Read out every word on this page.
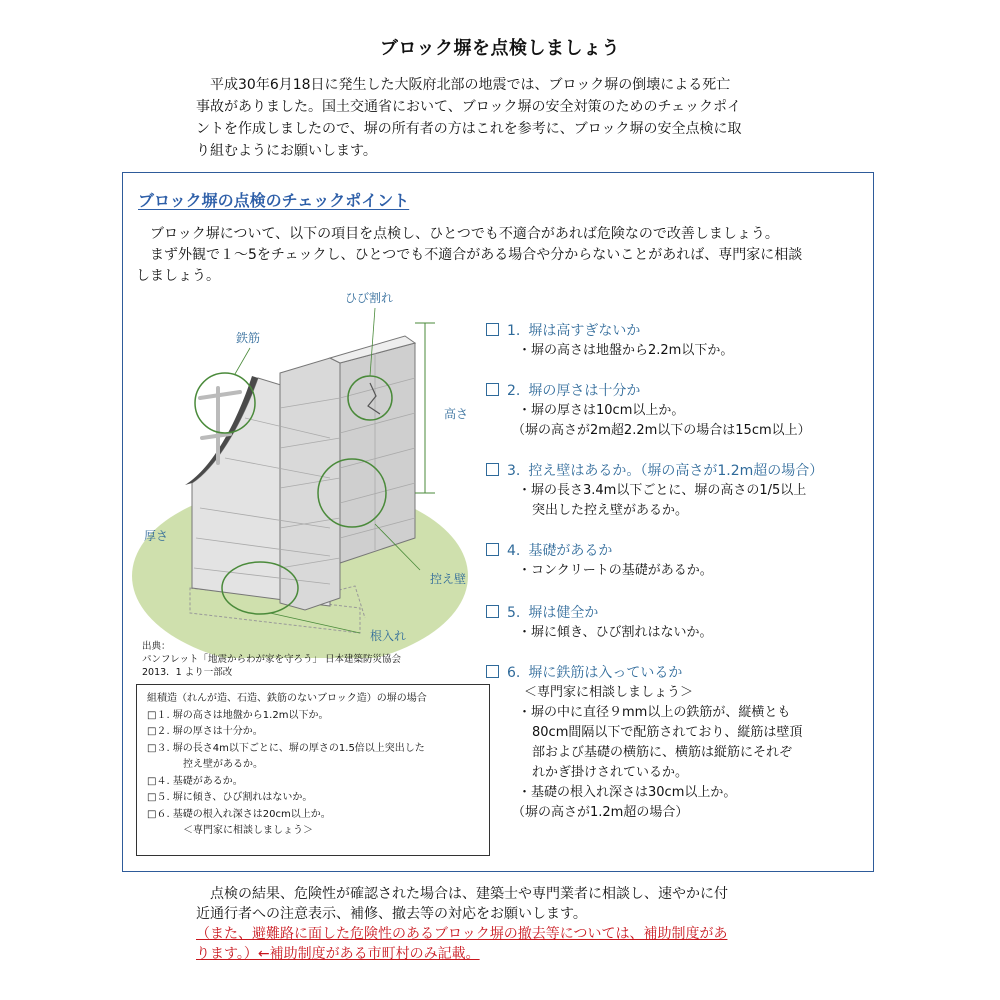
ブロック塀を点検しましょう

平成30年6月18日に発生した大阪府北部の地震では、ブロック塀の倒壊による死亡

事故がありました。国土交通省において、ブロック塀の安全対策のためのチェックポイ

ントを作成しましたので、塀の所有者の方はこれを参考に、ブロック塀の安全点検に取

り組むようにお願いします。

ブロック塀の点検のチェックポイント

ブロック塀について、以下の項目を点検し、ひとつでも不適合があれば危険なので改善しましょう。

まず外観で１～5をチェックし、ひとつでも不適合がある場合や分からないことがあれば、専門家に相談

しましょう。

ひび割れ
鉄筋
高さ
厚さ
控え壁
根入れ
出典：
パンフレット「地震からわが家を守ろう」 日本建築防災協会
2013．1 より一部改
組積造（れんが造、石造、鉄筋のないブロック造）の塀の場合
□１. 塀の高さは地盤から1.2m以下か。
□２. 塀の厚さは十分か。
□３. 塀の長さ4m以下ごとに、塀の厚さの1.5倍以上突出した
控え壁があるか。
□４. 基礎があるか。
□５. 塀に傾き、ひび割れはないか。
□６. 基礎の根入れ深さは20cm以上か。
＜専門家に相談しましょう＞
1. 塀は高すぎないか
・塀の高さは地盤から2.2m以下か。
2. 塀の厚さは十分か
・塀の厚さは10cm以上か。
（塀の高さが2m超2.2m以下の場合は15cm以上）
3. 控え壁はあるか。（塀の高さが1.2m超の場合）
・塀の長さ3.4m以下ごとに、塀の高さの1/5以上
突出した控え壁があるか。
4. 基礎があるか
・コンクリートの基礎があるか。
5. 塀は健全か
・塀に傾き、ひび割れはないか。
6. 塀に鉄筋は入っているか
＜専門家に相談しましょう＞
・塀の中に直径９mm以上の鉄筋が、縦横とも
80cm間隔以下で配筋されており、縦筋は壁頂
部および基礎の横筋に、横筋は縦筋にそれぞ
れかぎ掛けされているか。
・基礎の根入れ深さは30cm以上か。
（塀の高さが1.2m超の場合）

点検の結果、危険性が確認された場合は、建築士や専門業者に相談し、速やかに付

近通行者への注意表示、補修、撤去等の対応をお願いします。

（また、避難路に面した危険性のあるブロック塀の撤去等については、補助制度があ

ります。）←補助制度がある市町村のみ記載。
